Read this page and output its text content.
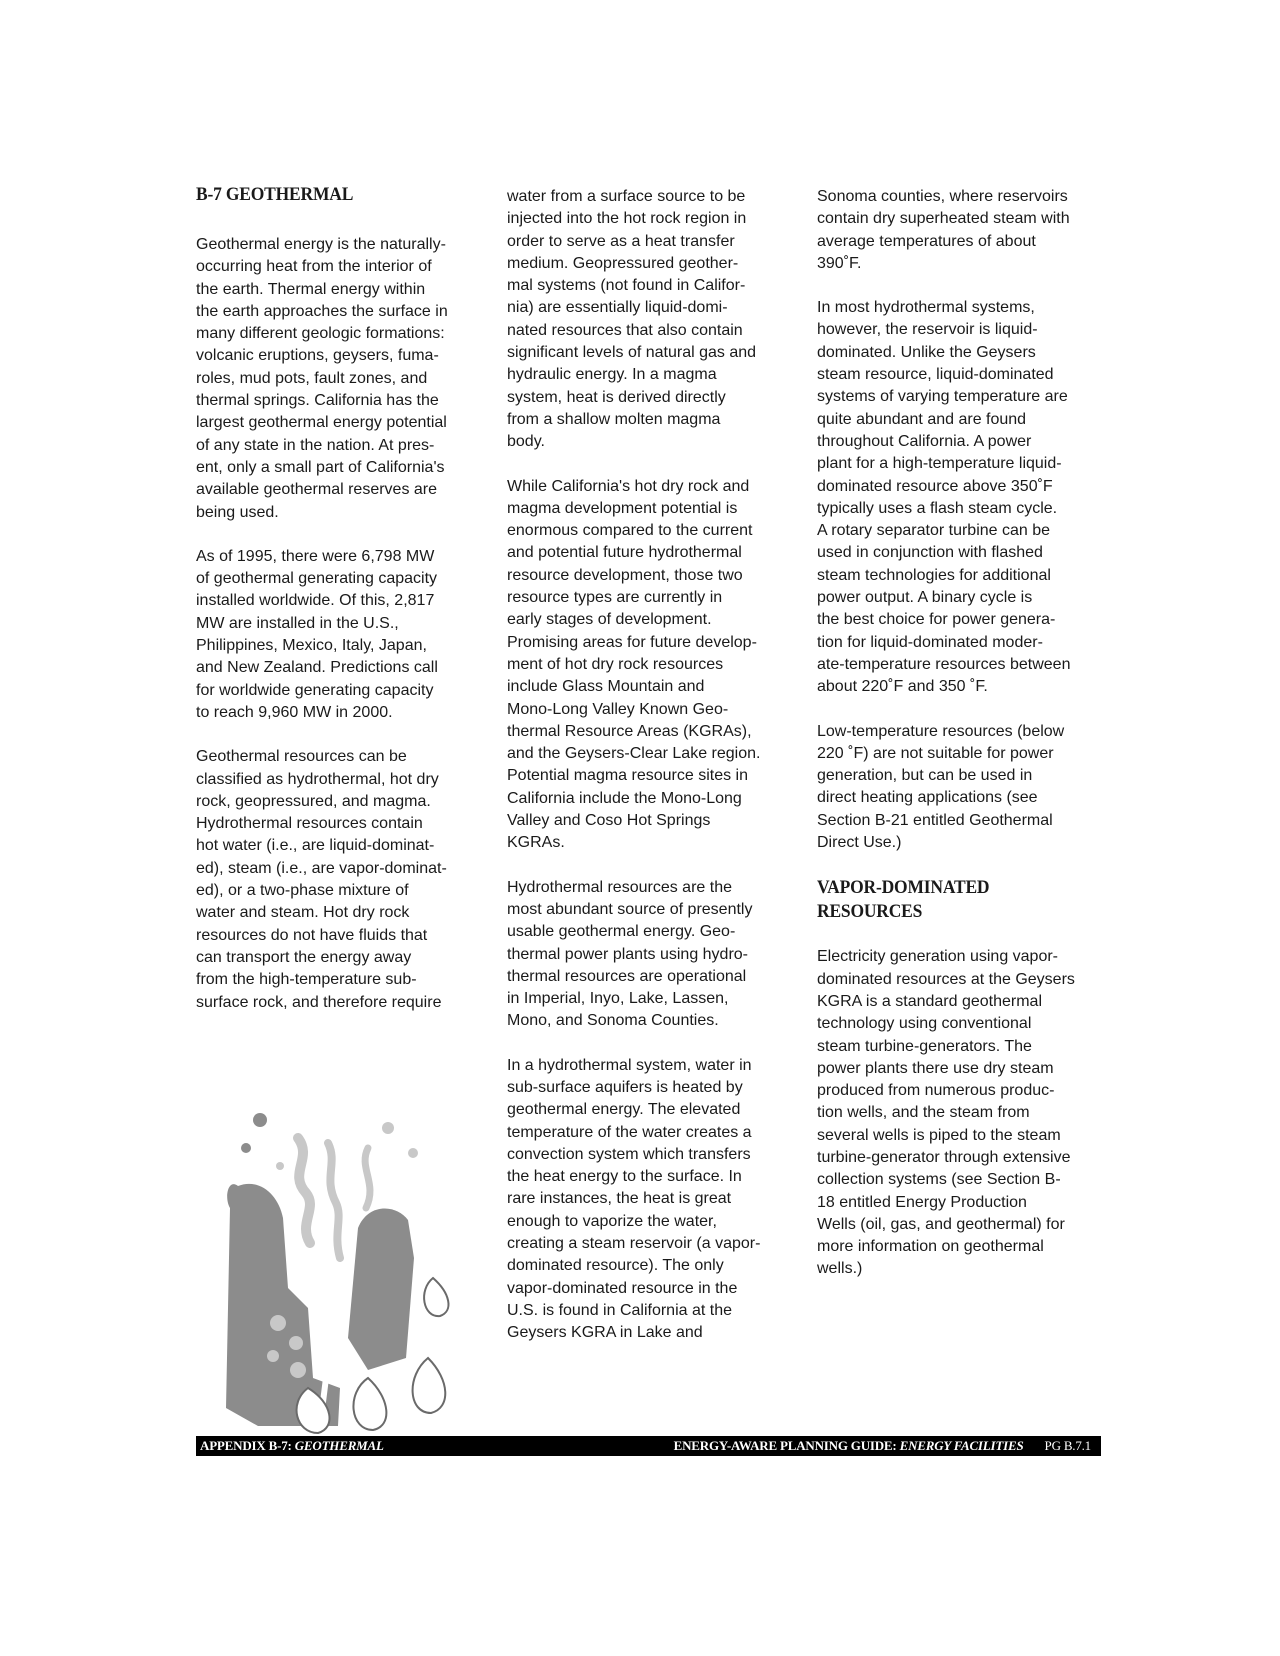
B-7 GEOTHERMAL

Geothermal energy is the naturally-
occurring heat from the interior of
the earth. Thermal energy within
the earth approaches the surface in
many different geologic formations:
volcanic eruptions, geysers, fuma-
roles, mud pots, fault zones, and
thermal springs. California has the
largest geothermal energy potential
of any state in the nation. At pres-
ent, only a small part of California's
available geothermal reserves are
being used.

As of 1995, there were 6,798 MW
of geothermal generating capacity
installed worldwide. Of this, 2,817
MW are installed in the U.S.,
Philippines, Mexico, Italy, Japan,
and New Zealand. Predictions call
for worldwide generating capacity
to reach 9,960 MW in 2000.

Geothermal resources can be
classified as hydrothermal, hot dry
rock, geopressured, and magma.
Hydrothermal resources contain
hot water (i.e., are liquid-dominat-
ed), steam (i.e., are vapor-dominat-
ed), or a two-phase mixture of
water and steam. Hot dry rock
resources do not have fluids that
can transport the energy away
from the high-temperature sub-
surface rock, and therefore require

water from a surface source to be
injected into the hot rock region in
order to serve as a heat transfer
medium. Geopressured geother-
mal systems (not found in Califor-
nia) are essentially liquid-domi-
nated resources that also contain
significant levels of natural gas and
hydraulic energy. In a magma
system, heat is derived directly
from a shallow molten magma
body.

While California's hot dry rock and
magma development potential is
enormous compared to the current
and potential future hydrothermal
resource development, those two
resource types are currently in
early stages of development.
Promising areas for future develop-
ment of hot dry rock resources
include Glass Mountain and
Mono-Long Valley Known Geo-
thermal Resource Areas (KGRAs),
and the Geysers-Clear Lake region.
Potential magma resource sites in
California include the Mono-Long
Valley and Coso Hot Springs
KGRAs.

Hydrothermal resources are the
most abundant source of presently
usable geothermal energy. Geo-
thermal power plants using hydro-
thermal resources are operational
in Imperial, Inyo, Lake, Lassen,
Mono, and Sonoma Counties.

In a hydrothermal system, water in
sub-surface aquifers is heated by
geothermal energy. The elevated
temperature of the water creates a
convection system which transfers
the heat energy to the surface. In
rare instances, the heat is great
enough to vaporize the water,
creating a steam reservoir (a vapor-
dominated resource). The only
vapor-dominated resource in the
U.S. is found in California at the
Geysers KGRA in Lake and

Sonoma counties, where reservoirs
contain dry superheated steam with
average temperatures of about
390˚F.

In most hydrothermal systems,
however, the reservoir is liquid-
dominated. Unlike the Geysers
steam resource, liquid-dominated
systems of varying temperature are
quite abundant and are found
throughout California. A power
plant for a high-temperature liquid-
dominated resource above 350˚F
typically uses a flash steam cycle.
A rotary separator turbine can be
used in conjunction with flashed
steam technologies for additional
power output. A binary cycle is
the best choice for power genera-
tion for liquid-dominated moder-
ate-temperature resources between
about 220˚F and 350 ˚F.

Low-temperature resources (below
220 ˚F) are not suitable for power
generation, but can be used in
direct heating applications (see
Section B-21 entitled Geothermal
Direct Use.)

VAPOR-DOMINATED
RESOURCES

Electricity generation using vapor-
dominated resources at the Geysers
KGRA is a standard geothermal
technology using conventional
steam turbine-generators. The
power plants there use dry steam
produced from numerous produc-
tion wells, and the steam from
several wells is piped to the steam
turbine-generator through extensive
collection systems (see Section B-
18 entitled Energy Production
Wells (oil, gas, and geothermal) for
more information on geothermal
wells.)

APPENDIX B-7: GEOTHERMAL	ENERGY-AWARE PLANNING GUIDE: ENERGY FACILITIES PG B.7.1
